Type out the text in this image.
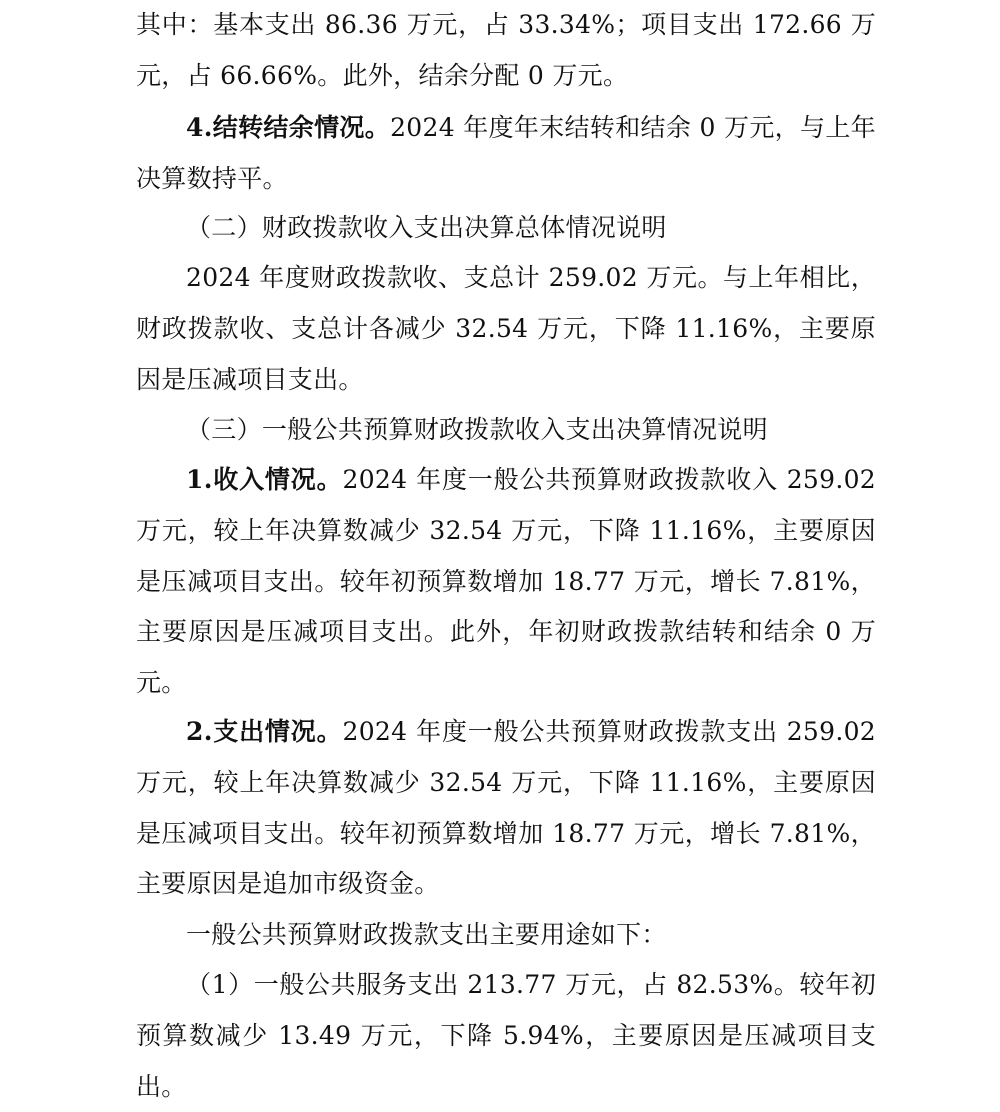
其中：基本支出 86.36 万元，占 33.34%；项目支出 172.66 万元，占 66.66%。此外，结余分配 0 万元。

4.结转结余情况。2024 年度年末结转和结余 0 万元，与上年决算数持平。

（二）财政拨款收入支出决算总体情况说明

2024 年度财政拨款收、支总计 259.02 万元。与上年相比，财政拨款收、支总计各减少 32.54 万元，下降 11.16%，主要原因是压减项目支出。

（三）一般公共预算财政拨款收入支出决算情况说明

1.收入情况。2024 年度一般公共预算财政拨款收入 259.02 万元，较上年决算数减少 32.54 万元，下降 11.16%，主要原因是压减项目支出。较年初预算数增加 18.77 万元，增长 7.81%，主要原因是压减项目支出。此外，年初财政拨款结转和结余 0 万元。

2.支出情况。2024 年度一般公共预算财政拨款支出 259.02 万元，较上年决算数减少 32.54 万元，下降 11.16%，主要原因是压减项目支出。较年初预算数增加 18.77 万元，增长 7.81%，主要原因是追加市级资金。

一般公共预算财政拨款支出主要用途如下：

（1）一般公共服务支出 213.77 万元，占 82.53%。较年初预算数减少 13.49 万元，下降 5.94%，主要原因是压减项目支出。
